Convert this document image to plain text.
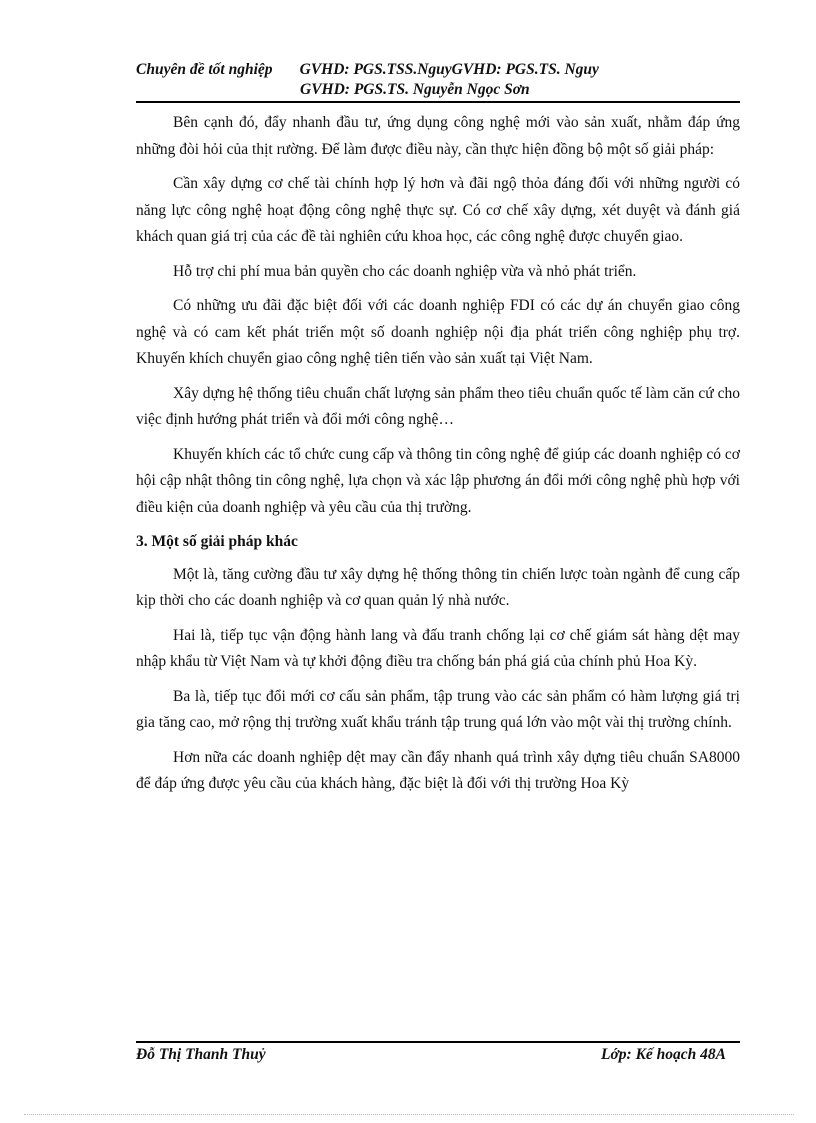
Chuyên đề tốt nghiệp GVHD: PGS.TSS.NguyGVHD: PGS.TS. Nguy
GVHD: PGS.TS. Nguyễn Ngọc Sơn

Bên cạnh đó, đẩy nhanh đầu tư, ứng dụng công nghệ mới vào sản xuất, nhằm đáp ứng những đòi hỏi của thịt rường. Để làm được điều này, cần thực hiện đồng bộ một số giải pháp:

Cần xây dựng cơ chế tài chính hợp lý hơn và đãi ngộ thỏa đáng đối với những người có năng lực công nghệ hoạt động công nghệ thực sự. Có cơ chế xây dựng, xét duyệt và đánh giá khách quan giá trị của các đề tài nghiên cứu khoa học, các công nghệ được chuyển giao.

Hỗ trợ chi phí mua bản quyền cho các doanh nghiệp vừa và nhỏ phát triển.

Có những ưu đãi đặc biệt đối với các doanh nghiệp FDI có các dự án chuyển giao công nghệ và có cam kết phát triển một số doanh nghiệp nội địa phát triển công nghiệp phụ trợ. Khuyến khích chuyển giao công nghệ tiên tiến vào sản xuất tại Việt Nam.

Xây dựng hệ thống tiêu chuẩn chất lượng sản phẩm theo tiêu chuẩn quốc tế làm căn cứ cho việc định hướng phát triển và đổi mới công nghệ…

Khuyến khích các tổ chức cung cấp và thông tin công nghệ để giúp các doanh nghiệp có cơ hội cập nhật thông tin công nghệ, lựa chọn và xác lập phương án đổi mới công nghệ phù hợp với điều kiện của doanh nghiệp và yêu cầu của thị trường.

3. Một số giải pháp khác

Một là, tăng cường đầu tư xây dựng hệ thống thông tin chiến lược toàn ngành để cung cấp kịp thời cho các doanh nghiệp và cơ quan quản lý nhà nước.

Hai là, tiếp tục vận động hành lang và đấu tranh chống lại cơ chế giám sát hàng dệt may nhập khẩu từ Việt Nam và tự khởi động điều tra chống bán phá giá của chính phủ Hoa Kỳ.

Ba là, tiếp tục đổi mới cơ cấu sản phẩm, tập trung vào các sản phẩm có hàm lượng giá trị gia tăng cao, mở rộng thị trường xuất khẩu tránh tập trung quá lớn vào một vài thị trường chính.

Hơn nữa các doanh nghiệp dệt may cần đẩy nhanh quá trình xây dựng tiêu chuẩn SA8000 để đáp ứng được yêu cầu của khách hàng, đặc biệt là đối với thị trường Hoa Kỳ

Đỗ Thị Thanh Thuỷ	Lớp: Kế hoạch 48A
